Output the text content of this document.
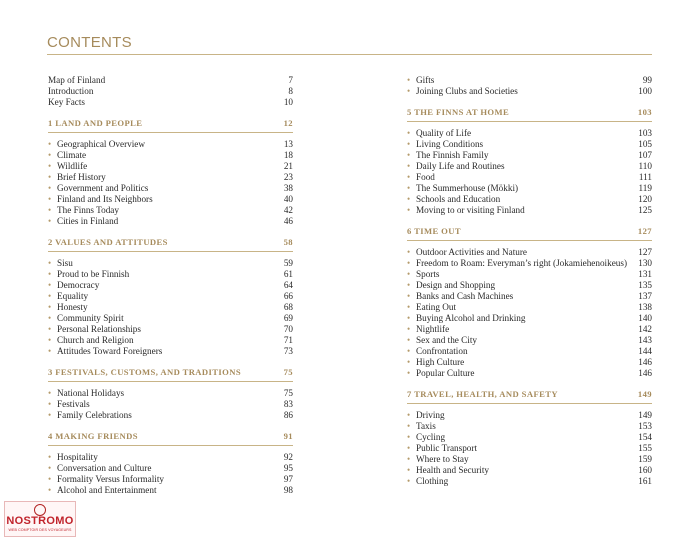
CONTENTS
Map of Finland	7
Introduction	8
Key Facts	10
1 LAND AND PEOPLE	12
• Geographical Overview	13
• Climate	18
• Wildlife	21
• Brief History	23
• Government and Politics	38
• Finland and Its Neighbors	40
• The Finns Today	42
• Cities in Finland	46
2 VALUES AND ATTITUDES	58
• Sisu	59
• Proud to be Finnish	61
• Democracy	64
• Equality	66
• Honesty	68
• Community Spirit	69
• Personal Relationships	70
• Church and Religion	71
• Attitudes Toward Foreigners	73
3 FESTIVALS, CUSTOMS, AND TRADITIONS	75
• National Holidays	75
• Festivals	83
• Family Celebrations	86
4 MAKING FRIENDS	91
• Hospitality	92
• Conversation and Culture	95
• Formality Versus Informality	97
• Alcohol and Entertainment	98
• Gifts	99
• Joining Clubs and Societies	100
5 THE FINNS AT HOME	103
• Quality of Life	103
• Living Conditions	105
• The Finnish Family	107
• Daily Life and Routines	110
• Food	111
• The Summerhouse (Mökki)	119
• Schools and Education	120
• Moving to or visiting Finland	125
6 TIME OUT	127
• Outdoor Activities and Nature	127
• Freedom to Roam: Everyman’s right (Jokamiehenoikeus) 130
• Sports	131
• Design and Shopping	135
• Banks and Cash Machines	137
• Eating Out	138
• Buying Alcohol and Drinking	140
• Nightlife	142
• Sex and the City	143
• Confrontation	144
• High Culture	146
• Popular Culture	146
7 TRAVEL, HEALTH, AND SAFETY	149
• Driving	149
• Taxis	153
• Cycling	154
• Public Transport	155
• Where to Stay	159
• Health and Security	160
• Clothing	161
NOSTROMO
WEB COMPTOIR DES VOYAGEURS
